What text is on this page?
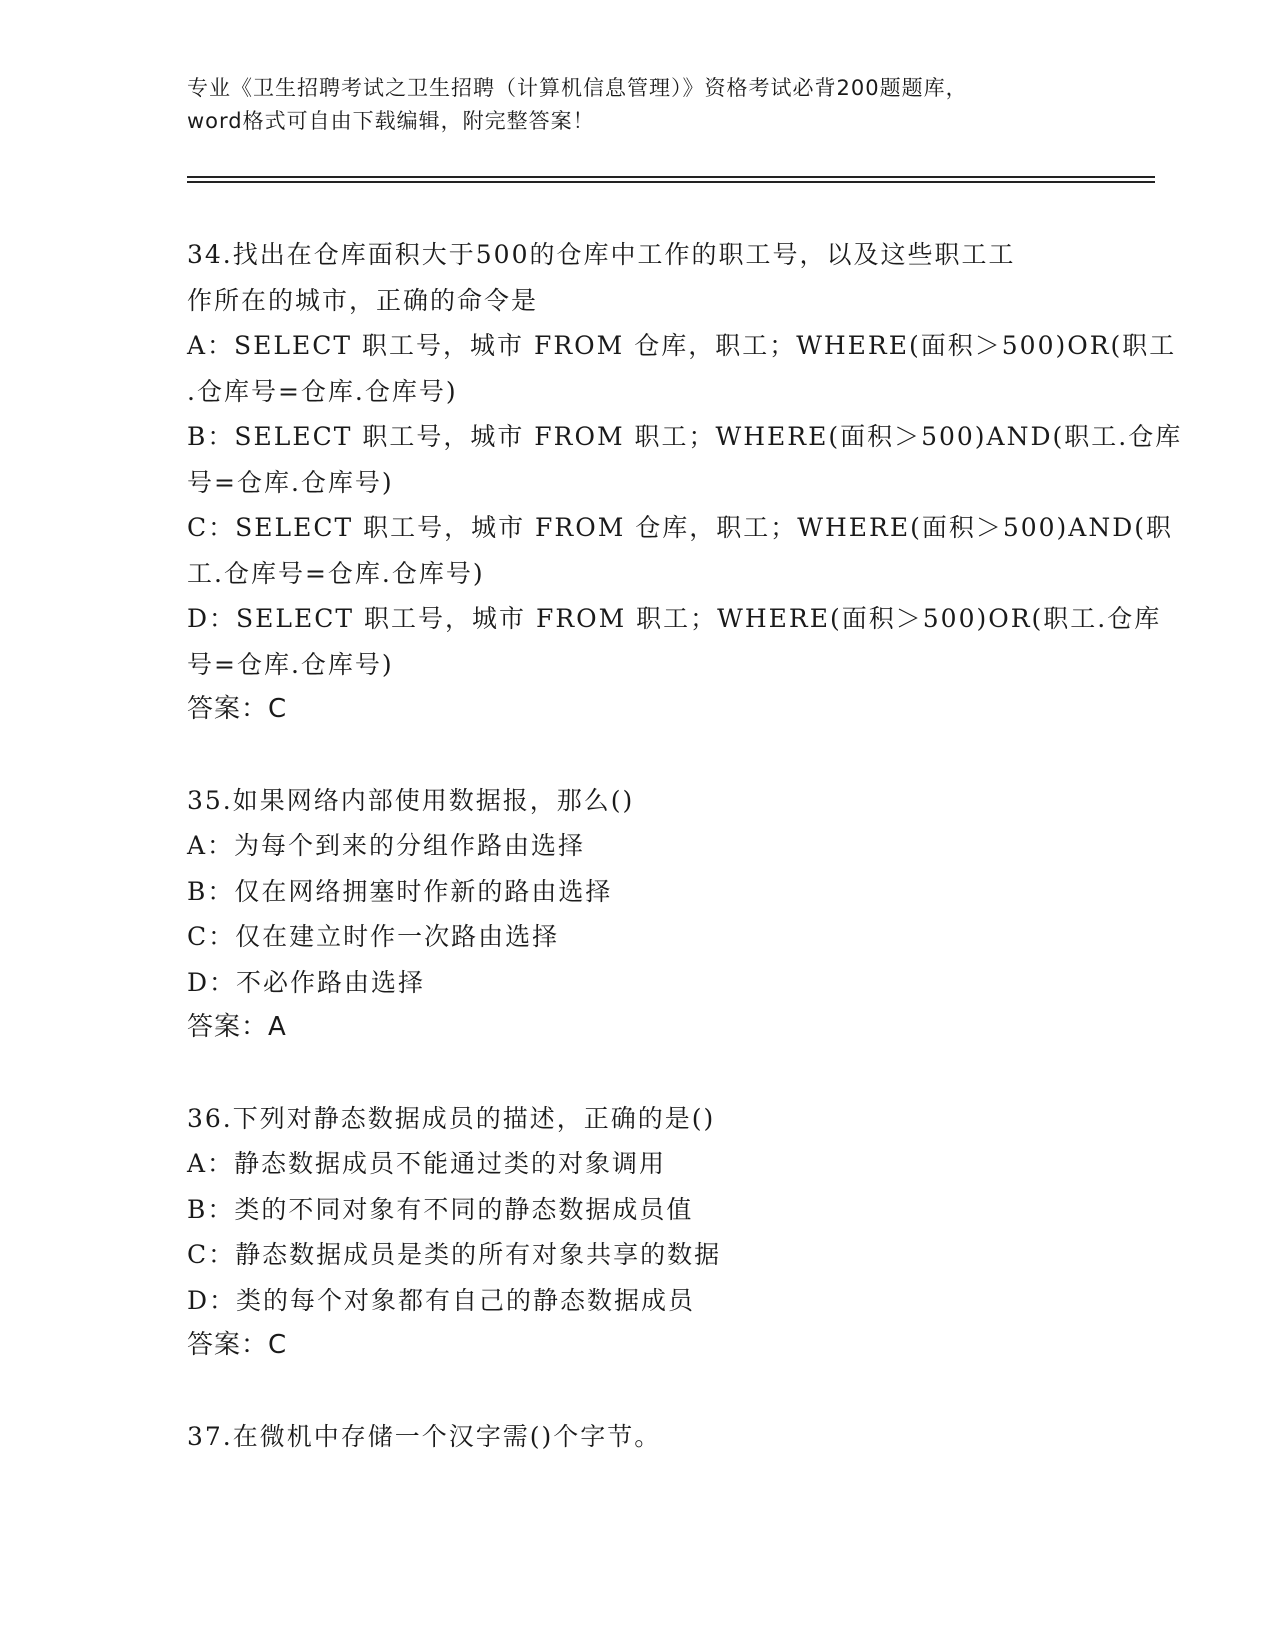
专业《卫生招聘考试之卫生招聘（计算机信息管理）》资格考试必背200题题库，
word格式可自由下载编辑，附完整答案！
34.找出在仓库面积大于500的仓库中工作的职工号，以及这些职工工
作所在的城市，正确的命令是
A：SELECT 职工号，城市 FROM 仓库，职工；WHERE(面积＞500)OR(职工
.仓库号=仓库.仓库号)
B：SELECT 职工号，城市 FROM 职工；WHERE(面积＞500)AND(职工.仓库
号=仓库.仓库号)
C：SELECT 职工号，城市 FROM 仓库，职工；WHERE(面积＞500)AND(职
工.仓库号=仓库.仓库号)
D：SELECT 职工号，城市 FROM 职工；WHERE(面积＞500)OR(职工.仓库
号=仓库.仓库号)
答案：C
35.如果网络内部使用数据报，那么()
A：为每个到来的分组作路由选择
B：仅在网络拥塞时作新的路由选择
C：仅在建立时作一次路由选择
D：不必作路由选择
答案：A
36.下列对静态数据成员的描述，正确的是()
A：静态数据成员不能通过类的对象调用
B：类的不同对象有不同的静态数据成员值
C：静态数据成员是类的所有对象共享的数据
D：类的每个对象都有自己的静态数据成员
答案：C
37.在微机中存储一个汉字需()个字节。
